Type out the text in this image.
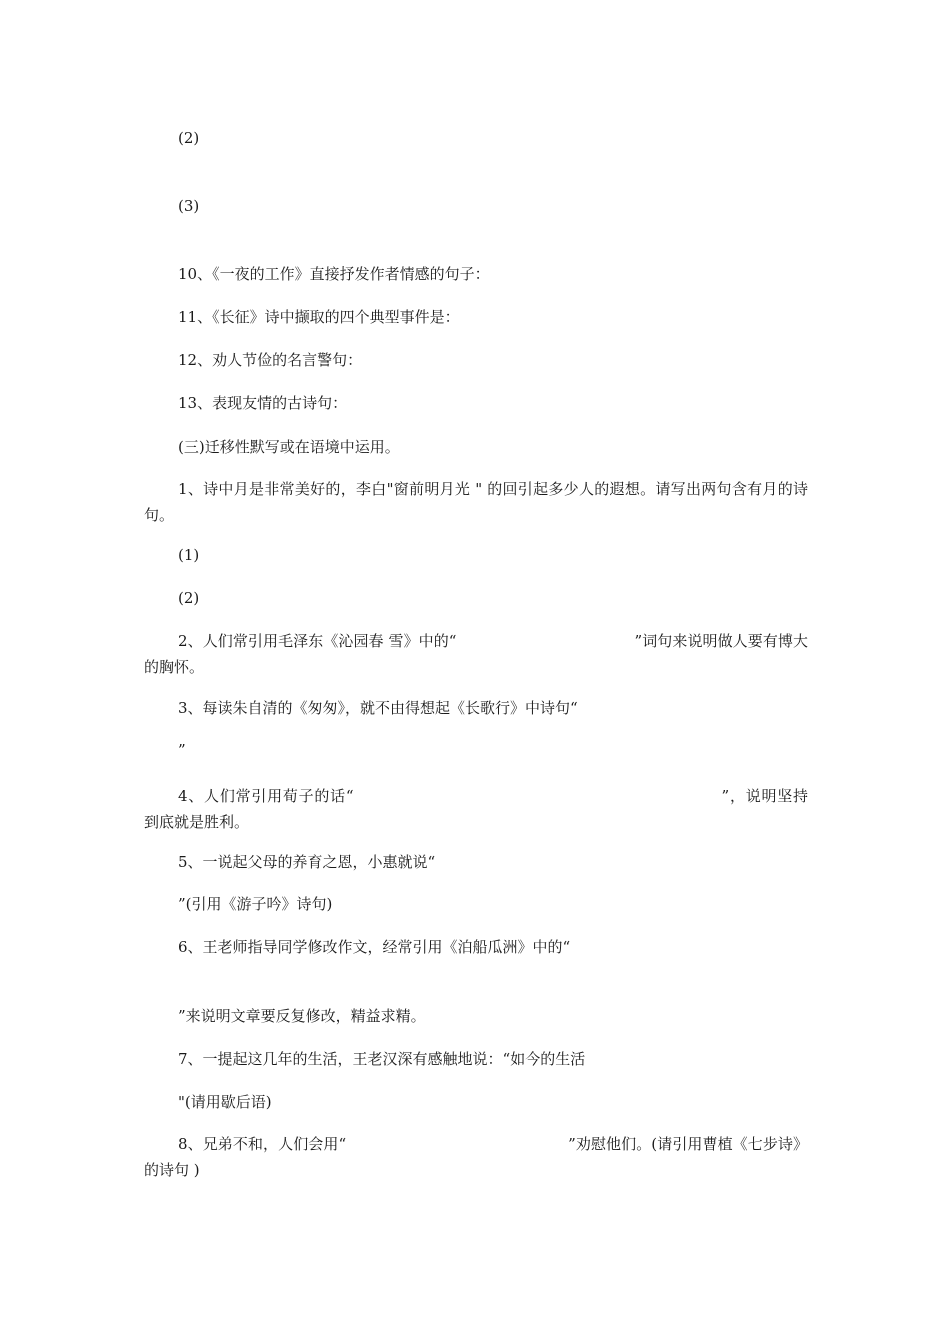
(2)

(3)

10、《一夜的工作》直接抒发作者情感的句子：

11、《长征》诗中撷取的四个典型事件是：

12、劝人节俭的名言警句：

13、表现友情的古诗句：

(三)迁移性默写或在语境中运用。

1、诗中月是非常美好的，李白"窗前明月光 " 的回引起多少人的遐想。请写出两句含有月的诗句。

(1)

(2)

2、人们常引用毛泽东《沁园春 雪》中的“	”词句来说明做人要有博大的胸怀。

3、每读朱自清的《匆匆》，就不由得想起《长歌行》中诗句“

”

4、人们常引用荀子的话“	”，说明坚持到底就是胜利。

5、一说起父母的养育之恩，小惠就说“

”(引用《游子吟》诗句)

6、王老师指导同学修改作文，经常引用《泊船瓜洲》中的“

”来说明文章要反复修改，精益求精。

7、一提起这几年的生活，王老汉深有感触地说：“如今的生活

"(请用歇后语)

8、兄弟不和，人们会用“	”劝慰他们。(请引用曹植《七步诗》的诗句 )
